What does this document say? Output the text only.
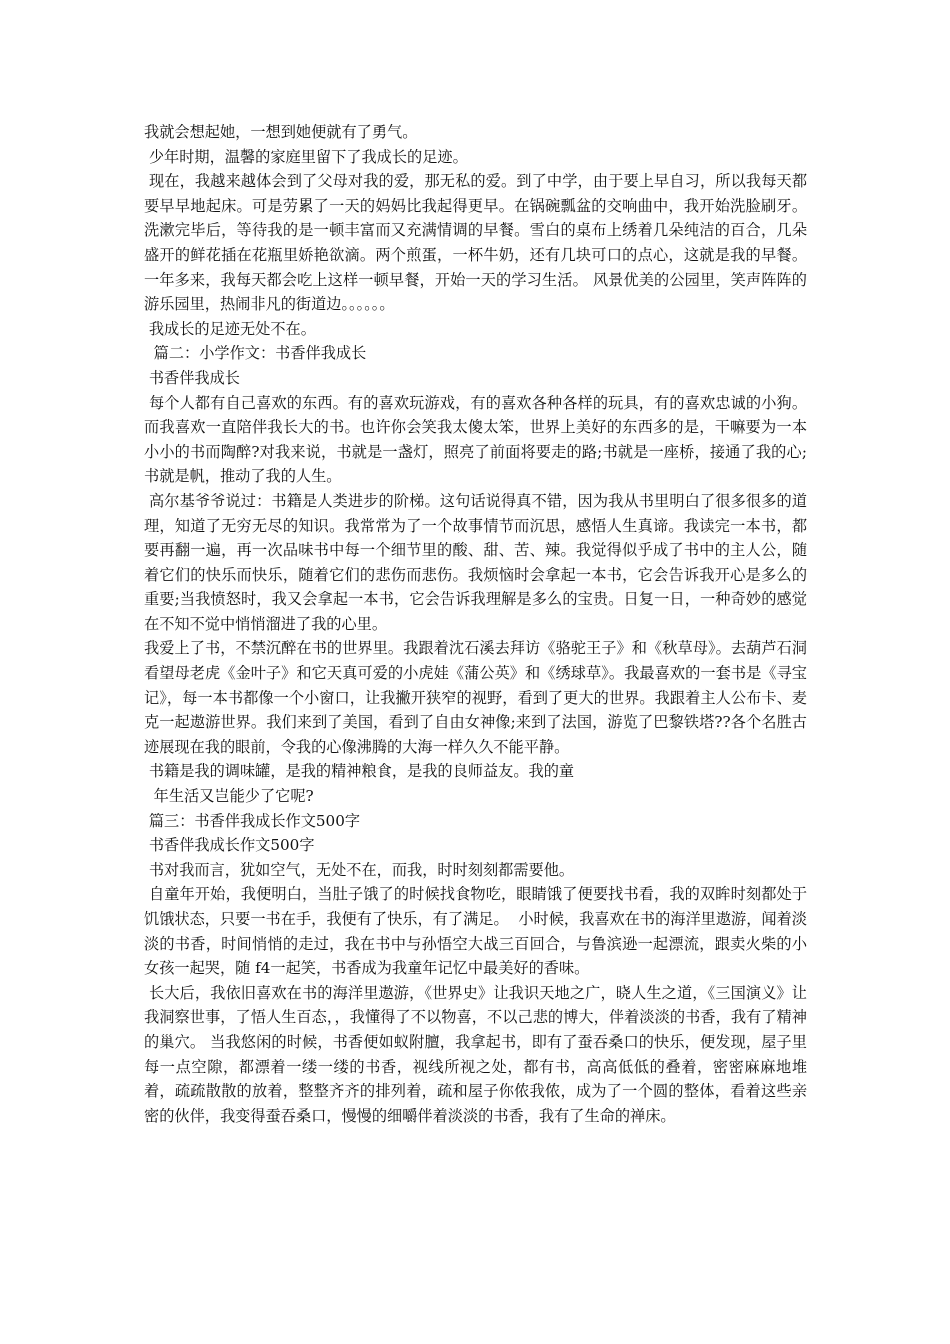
我就会想起她，一想到她便就有了勇气。

少年时期，温馨的家庭里留下了我成长的足迹。

现在，我越来越体会到了父母对我的爱，那无私的爱。到了中学，由于要上早自习，所以我每天都要早早地起床。可是劳累了一天的妈妈比我起得更早。在锅碗瓢盆的交响曲中，我开始洗脸刷牙。洗漱完毕后，等待我的是一顿丰富而又充满情调的早餐。雪白的桌布上绣着几朵纯洁的百合，几朵盛开的鲜花插在花瓶里娇艳欲滴。两个煎蛋，一杯牛奶，还有几块可口的点心，这就是我的早餐。一年多来，我每天都会吃上这样一顿早餐，开始一天的学习生活。 风景优美的公园里，笑声阵阵的游乐园里，热闹非凡的街道边。。。。。。

我成长的足迹无处不在。

篇二：小学作文：书香伴我成长

书香伴我成长

每个人都有自己喜欢的东西。有的喜欢玩游戏，有的喜欢各种各样的玩具，有的喜欢忠诚的小狗。而我喜欢一直陪伴我长大的书。也许你会笑我太傻太笨，世界上美好的东西多的是，干嘛要为一本小小的书而陶醉?对我来说，书就是一盏灯，照亮了前面将要走的路;书就是一座桥，接通了我的心;书就是帆，推动了我的人生。

高尔基爷爷说过：书籍是人类进步的阶梯。这句话说得真不错，因为我从书里明白了很多很多的道理，知道了无穷无尽的知识。我常常为了一个故事情节而沉思，感悟人生真谛。我读完一本书，都要再翻一遍，再一次品味书中每一个细节里的酸、甜、苦、辣。我觉得似乎成了书中的主人公，随着它们的快乐而快乐，随着它们的悲伤而悲伤。我烦恼时会拿起一本书，它会告诉我开心是多么的重要;当我愤怒时，我又会拿起一本书，它会告诉我理解是多么的宝贵。日复一日，一种奇妙的感觉在不知不觉中悄悄溜进了我的心里。

我爱上了书，不禁沉醉在书的世界里。我跟着沈石溪去拜访《骆驼王子》和《秋草母》。去葫芦石洞看望母老虎《金叶子》和它天真可爱的小虎娃《蒲公英》和《绣球草》。我最喜欢的一套书是《寻宝记》，每一本书都像一个小窗口，让我撇开狭窄的视野，看到了更大的世界。我跟着主人公布卡、麦克一起遨游世界。我们来到了美国，看到了自由女神像;来到了法国，游览了巴黎铁塔??各个名胜古迹展现在我的眼前，令我的心像沸腾的大海一样久久不能平静。

书籍是我的调味罐，是我的精神粮食，是我的良师益友。我的童

年生活又岂能少了它呢?

篇三：书香伴我成长作文500字

书香伴我成长作文500字

书对我而言，犹如空气，无处不在，而我，时时刻刻都需要他。

自童年开始，我便明白，当肚子饿了的时候找食物吃，眼睛饿了便要找书看，我的双眸时刻都处于饥饿状态，只要一书在手，我便有了快乐，有了满足。  小时候，我喜欢在书的海洋里遨游，闻着淡淡的书香，时间悄悄的走过，我在书中与孙悟空大战三百回合，与鲁滨逊一起漂流，跟卖火柴的小女孩一起哭，随 f4一起笑，书香成为我童年记忆中最美好的香味。

长大后，我依旧喜欢在书的海洋里遨游，《世界史》让我识天地之广，晓人生之道，《三国演义》让我洞察世事，了悟人生百态，，我懂得了不以物喜，不以己悲的博大，伴着淡淡的书香，我有了精神的巢穴。 当我悠闲的时候，书香便如蚁附膻，我拿起书，即有了蚕吞桑口的快乐，便发现，屋子里每一点空隙，都漂着一缕一缕的书香，视线所视之处，都有书，高高低低的叠着，密密麻麻地堆着，疏疏散散的放着，整整齐齐的排列着，疏和屋子你侬我侬，成为了一个圆的整体，看着这些亲密的伙伴，我变得蚕吞桑口，慢慢的细嚼伴着淡淡的书香，我有了生命的禅床。
